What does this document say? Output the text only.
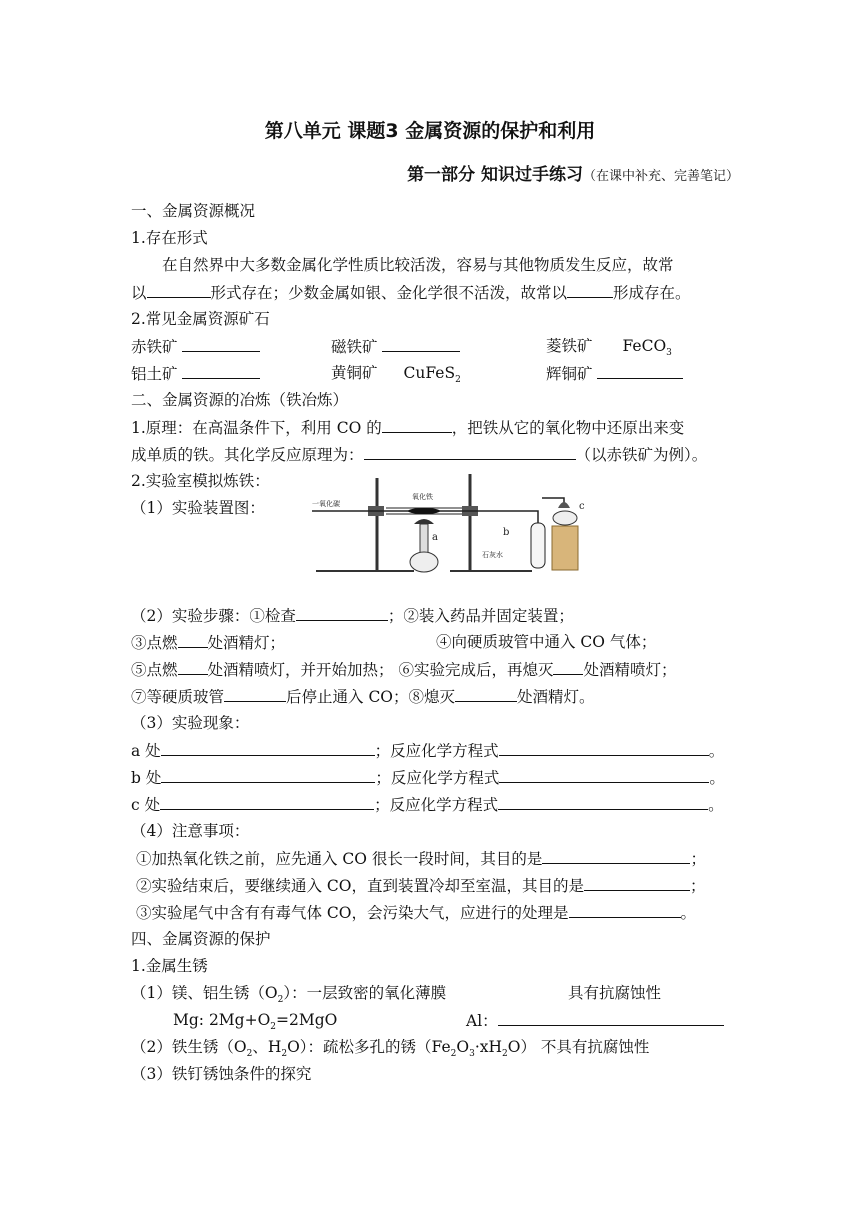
第八单元 课题3 金属资源的保护和利用
第一部分 知识过手练习（在课中补充、完善笔记）
一、金属资源概况
1.存在形式
在自然界中大多数金属化学性质比较活泼，容易与其他物质发生反应，故常
以	形式存在；少数金属如银、金化学很不活泼，故常以	形成存在。
2.常见金属资源矿石
赤铁矿	磁铁矿	菱铁矿 FeCO$_3$
铝土矿	黄铜矿 CuFeS$_2$	辉铜矿
二、金属资源的冶炼（铁冶炼）
1.原理：在高温条件下，利用 CO 的	，把铁从它的氧化物中还原出来变
成单质的铁。其化学反应原理为：	（以赤铁矿为例）。
2.实验室模拟炼铁：
（1）实验装置图：	一氧化碳
氧化铁
a	b
c
石灰水
（2）实验步骤：①检查	；②装入药品并固定装置；
③点燃 处酒精灯；	④向硬质玻管中通入 CO 气体；
⑤点燃 处酒精喷灯，并开始加热； ⑥实验完成后，再熄灭 处酒精喷灯；
⑦等硬质玻管	后停止通入 CO；⑧熄灭	处酒精灯。
（3）实验现象：
a 处	；反应化学方程式	。
b 处	；反应化学方程式	。
c 处	；反应化学方程式	。
（4）注意事项：
①加热氧化铁之前，应先通入 CO 很长一段时间，其目的是	；
②实验结束后，要继续通入 CO，直到装置冷却至室温，其目的是	；
③实验尾气中含有有毒气体 CO，会污染大气，应进行的处理是	。
四、金属资源的保护
1.金属生锈
（1）镁、铝生锈$(O_2)$：一层致密的氧化薄膜	具有抗腐蚀性
Mg: $2Mg+O_2=2MgO$	Al：
（2）铁生锈（$O_2$、$H_2O$）：疏松多孔的锈$(Fe_2O_3\cdot xH_2O)$ 不具有抗腐蚀性
（3）铁钉锈蚀条件的探究
